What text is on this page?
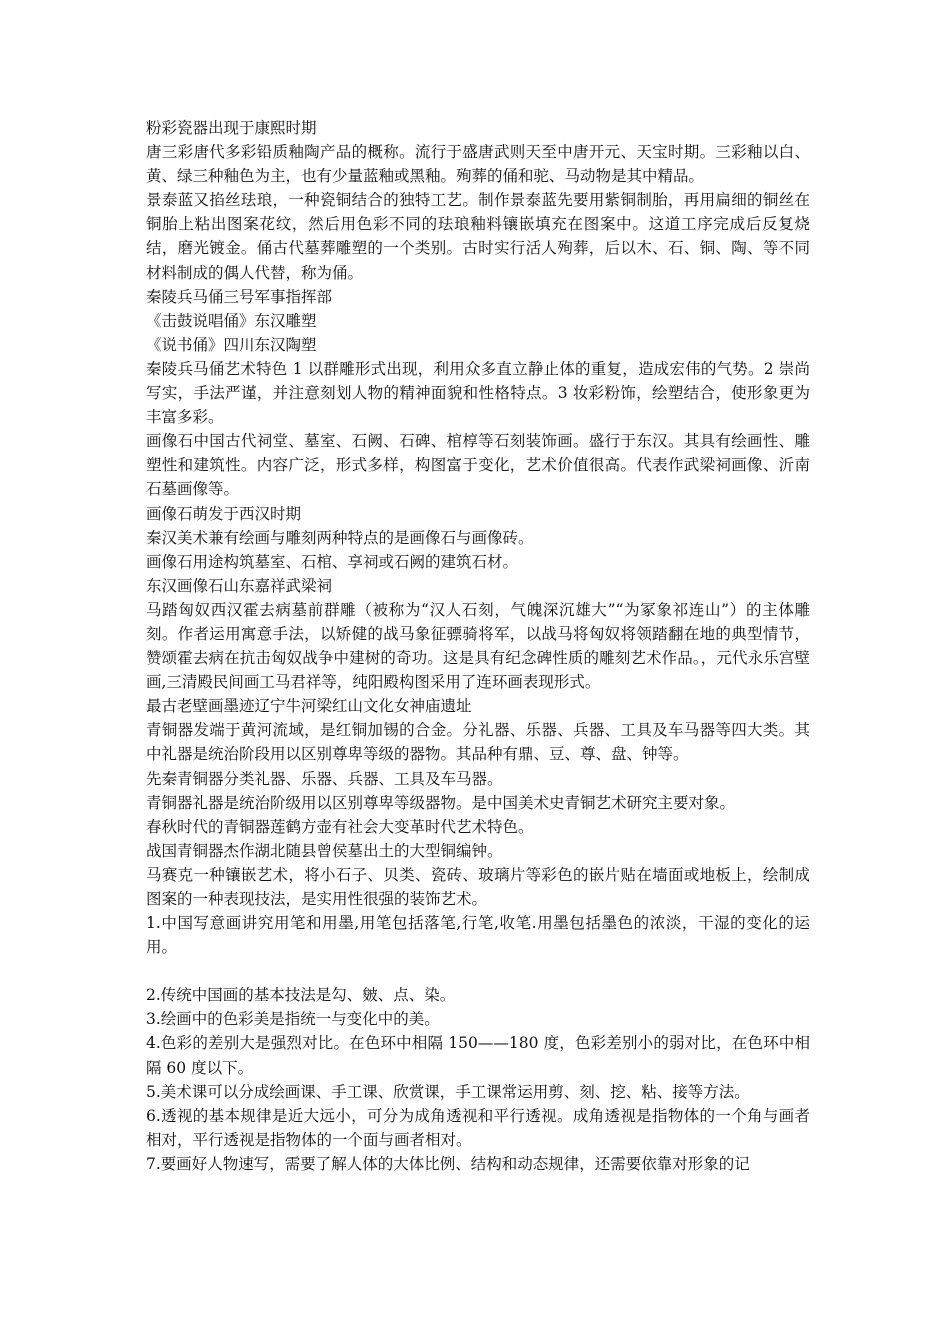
粉彩瓷器出现于康熙时期

唐三彩唐代多彩铅质釉陶产品的概称。流行于盛唐武则天至中唐开元、天宝时期。三彩釉以白、黄、绿三种釉色为主，也有少量蓝釉或黑釉。殉葬的俑和驼、马动物是其中精品。

景泰蓝又掐丝珐琅，一种瓷铜结合的独特工艺。制作景泰蓝先要用紫铜制胎，再用扁细的铜丝在铜胎上粘出图案花纹，然后用色彩不同的珐琅釉料镶嵌填充在图案中。这道工序完成后反复烧结，磨光镀金。俑古代墓葬雕塑的一个类别。古时实行活人殉葬，后以木、石、铜、陶、等不同材料制成的偶人代替，称为俑。

秦陵兵马俑三号军事指挥部

《击鼓说唱俑》东汉雕塑

《说书俑》四川东汉陶塑

秦陵兵马俑艺术特色 1 以群雕形式出现，利用众多直立静止体的重复，造成宏伟的气势。2 崇尚写实，手法严谨，并注意刻划人物的精神面貌和性格特点。3 妆彩粉饰，绘塑结合，使形象更为丰富多彩。

画像石中国古代祠堂、墓室、石阙、石碑、棺椁等石刻装饰画。盛行于东汉。其具有绘画性、雕塑性和建筑性。内容广泛，形式多样，构图富于变化，艺术价值很高。代表作武梁祠画像、沂南石墓画像等。

画像石萌发于西汉时期

秦汉美术兼有绘画与雕刻两种特点的是画像石与画像砖。

画像石用途构筑墓室、石棺、享祠或石阙的建筑石材。

东汉画像石山东嘉祥武梁祠

马踏匈奴西汉霍去病墓前群雕（被称为“汉人石刻，气魄深沉雄大”“为冢象祁连山”）的主体雕刻。作者运用寓意手法，以矫健的战马象征骠骑将军，以战马将匈奴将领踏翻在地的典型情节，赞颂霍去病在抗击匈奴战争中建树的奇功。这是具有纪念碑性质的雕刻艺术作品。，元代永乐宫壁画,三清殿民间画工马君祥等，纯阳殿构图采用了连环画表现形式。

最古老壁画墨迹辽宁牛河梁红山文化女神庙遗址

青铜器发端于黄河流域，是红铜加锡的合金。分礼器、乐器、兵器、工具及车马器等四大类。其中礼器是统治阶段用以区别尊卑等级的器物。其品种有鼎、豆、尊、盘、钟等。

先秦青铜器分类礼器、乐器、兵器、工具及车马器。

青铜器礼器是统治阶级用以区别尊卑等级器物。是中国美术史青铜艺术研究主要对象。

春秋时代的青铜器莲鹤方壶有社会大变革时代艺术特色。

战国青铜器杰作湖北随县曾侯墓出土的大型铜编钟。

马赛克一种镶嵌艺术，将小石子、贝类、瓷砖、玻璃片等彩色的嵌片贴在墙面或地板上，绘制成图案的一种表现技法，是实用性很强的装饰艺术。

1.中国写意画讲究用笔和用墨,用笔包括落笔,行笔,收笔.用墨包括墨色的浓淡，干湿的变化的运用。

2.传统中国画的基本技法是勾、皴、点、染。

3.绘画中的色彩美是指统一与变化中的美。

4.色彩的差别大是强烈对比。在色环中相隔 150——180 度，色彩差别小的弱对比，在色环中相隔 60 度以下。

5.美术课可以分成绘画课、手工课、欣赏课，手工课常运用剪、刻、挖、粘、接等方法。

6.透视的基本规律是近大远小，可分为成角透视和平行透视。成角透视是指物体的一个角与画者相对，平行透视是指物体的一个面与画者相对。

7.要画好人物速写，需要了解人体的大体比例、结构和动态规律，还需要依靠对形象的记
